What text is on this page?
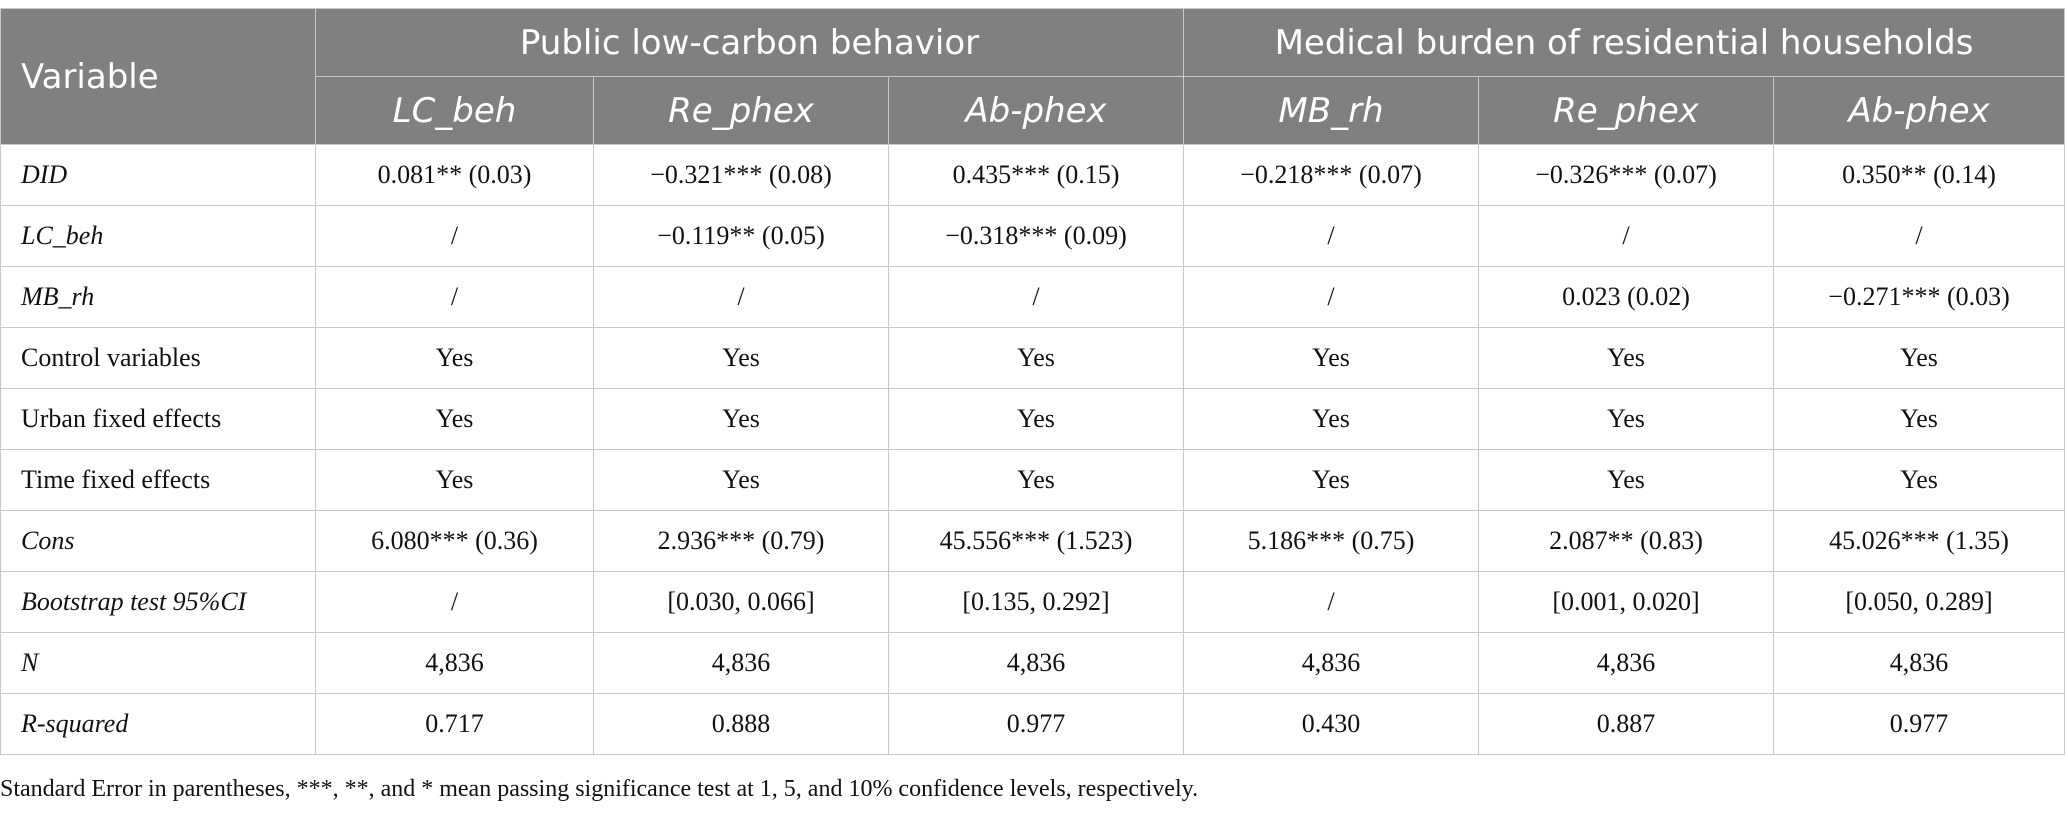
Variable	Public low-carbon behavior			Medical burden of residential households		
	LC_beh	Re_phex	Ab-phex	MB_rh	Re_phex	Ab-phex
DID	0.081** (0.03)	−0.321*** (0.08)	0.435*** (0.15)	−0.218*** (0.07)	−0.326*** (0.07)	0.350** (0.14)
LC_beh	/	−0.119** (0.05)	−0.318*** (0.09)	/	/	/
MB_rh	/	/	/	/	0.023 (0.02)	−0.271*** (0.03)
Control variables	Yes	Yes	Yes	Yes	Yes	Yes
Urban fixed effects	Yes	Yes	Yes	Yes	Yes	Yes
Time fixed effects	Yes	Yes	Yes	Yes	Yes	Yes
Cons	6.080*** (0.36)	2.936*** (0.79)	45.556*** (1.523)	5.186*** (0.75)	2.087** (0.83)	45.026*** (1.35)
Bootstrap test 95%CI	/	[0.030, 0.066]	[0.135, 0.292]	/	[0.001, 0.020]	[0.050, 0.289]
N	4,836	4,836	4,836	4,836	4,836	4,836
R-squared	0.717	0.888	0.977	0.430	0.887	0.977
Standard Error in parentheses, ***, **, and * mean passing significance test at 1, 5, and 10% confidence levels, respectively.
